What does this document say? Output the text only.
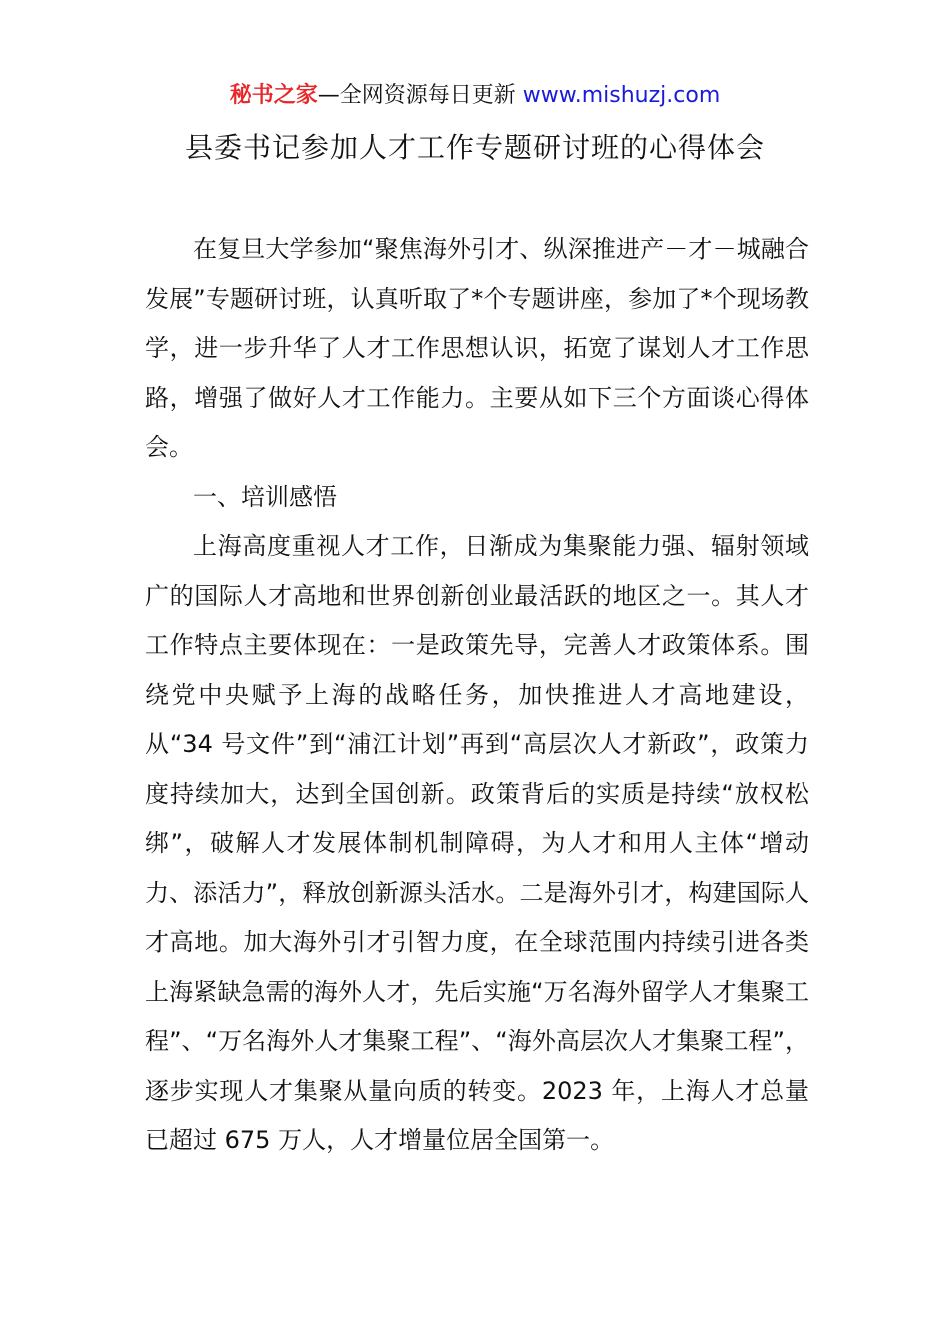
秘书之家—全网资源每日更新 www.mishuzj.com
县委书记参加人才工作专题研讨班的心得体会

在复旦大学参加“聚焦海外引才、纵深推进产－才－城融合发展”专题研讨班，认真听取了*个专题讲座，参加了*个现场教学，进一步升华了人才工作思想认识，拓宽了谋划人才工作思路，增强了做好人才工作能力。主要从如下三个方面谈心得体会。

一、培训感悟

上海高度重视人才工作，日渐成为集聚能力强、辐射领域广的国际人才高地和世界创新创业最活跃的地区之一。其人才工作特点主要体现在：一是政策先导，完善人才政策体系。围绕党中央赋予上海的战略任务，加快推进人才高地建设，从“34 号文件”到“浦江计划”再到“高层次人才新政”，政策力度持续加大，达到全国创新。政策背后的实质是持续“放权松绑”，破解人才发展体制机制障碍，为人才和用人主体“增动力、添活力”，释放创新源头活水。二是海外引才，构建国际人才高地。加大海外引才引智力度，在全球范围内持续引进各类上海紧缺急需的海外人才，先后实施“万名海外留学人才集聚工程”、“万名海外人才集聚工程”、“海外高层次人才集聚工程”，逐步实现人才集聚从量向质的转变。2023 年，上海人才总量已超过 675 万人，人才增量位居全国第一。
